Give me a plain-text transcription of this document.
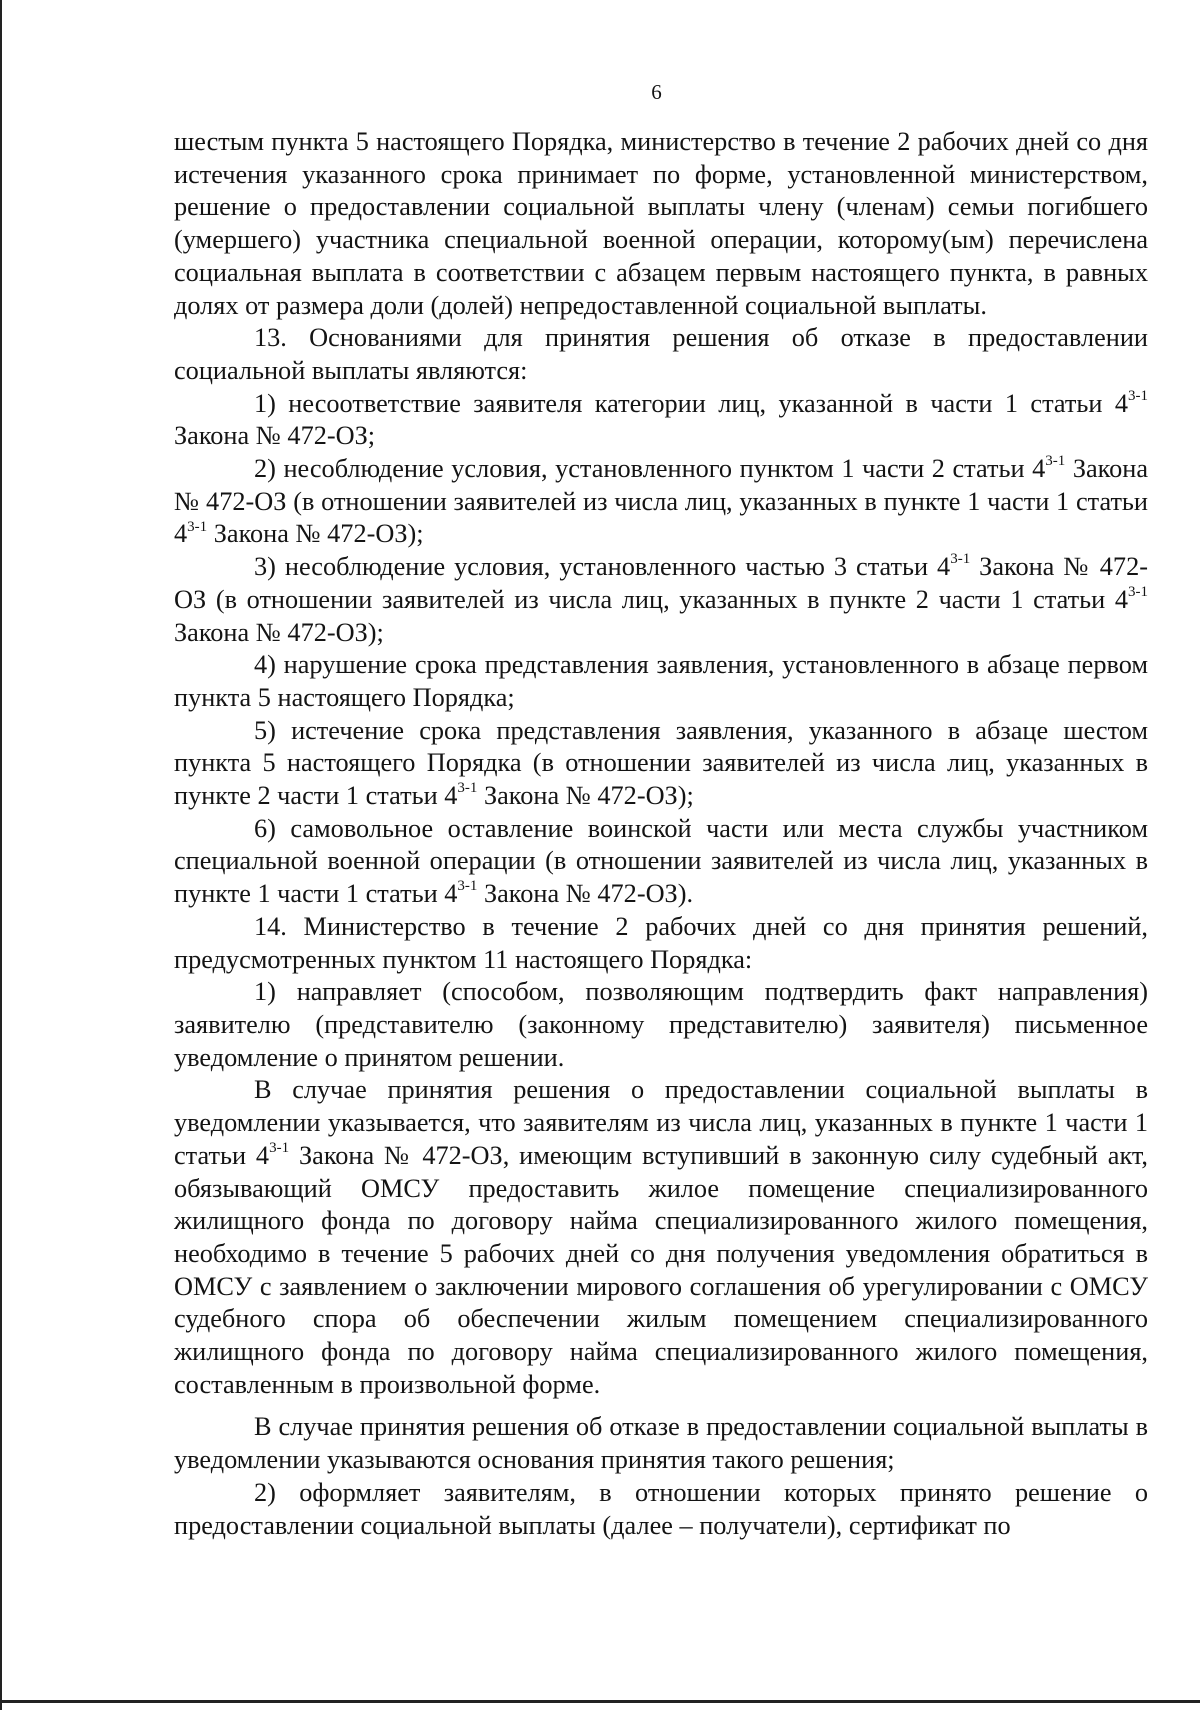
6

шестым пункта 5 настоящего Порядка, министерство в течение 2 рабочих дней со дня истечения указанного срока принимает по форме, установленной министерством, решение о предоставлении социальной выплаты члену (членам) семьи погибшего (умершего) участника специальной военной операции, которому(ым) перечислена социальная выплата в соответствии с абзацем первым настоящего пункта, в равных долях от размера доли (долей) непредоставленной социальной выплаты.

13. Основаниями для принятия решения об отказе в предоставлении социальной выплаты являются:

1) несоответствие заявителя категории лиц, указанной в части 1 статьи 4$^{3-1}$ Закона № 472-ОЗ;

2) несоблюдение условия, установленного пунктом 1 части 2 статьи 4$^{3-1}$ Закона № 472-ОЗ (в отношении заявителей из числа лиц, указанных в пункте 1 части 1 статьи 4$^{3-1}$ Закона № 472-ОЗ);

3) несоблюдение условия, установленного частью 3 статьи 4$^{3-1}$ Закона № 472-ОЗ (в отношении заявителей из числа лиц, указанных в пункте 2 части 1 статьи 4$^{3-1}$ Закона № 472-ОЗ);

4) нарушение срока представления заявления, установленного в абзаце первом пункта 5 настоящего Порядка;

5) истечение срока представления заявления, указанного в абзаце шестом пункта 5 настоящего Порядка (в отношении заявителей из числа лиц, указанных в пункте 2 части 1 статьи 4$^{3-1}$ Закона № 472-ОЗ);

6) самовольное оставление воинской части или места службы участником специальной военной операции (в отношении заявителей из числа лиц, указанных в пункте 1 части 1 статьи 4$^{3-1}$ Закона № 472-ОЗ).

14. Министерство в течение 2 рабочих дней со дня принятия решений, предусмотренных пунктом 11 настоящего Порядка:

1) направляет (способом, позволяющим подтвердить факт направления) заявителю (представителю (законному представителю) заявителя) письменное уведомление о принятом решении.

В случае принятия решения о предоставлении социальной выплаты в уведомлении указывается, что заявителям из числа лиц, указанных в пункте 1 части 1 статьи 4$^{3-1}$ Закона № 472-ОЗ, имеющим вступивший в законную силу судебный акт, обязывающий ОМСУ предоставить жилое помещение специализированного жилищного фонда по договору найма специализированного жилого помещения, необходимо в течение 5 рабочих дней со дня получения уведомления обратиться в ОМСУ с заявлением о заключении мирового соглашения об урегулировании с ОМСУ судебного спора об обеспечении жилым помещением специализированного жилищного фонда по договору найма специализированного жилого помещения, составленным в произвольной форме.

В случае принятия решения об отказе в предоставлении социальной выплаты в уведомлении указываются основания принятия такого решения;

2) оформляет заявителям, в отношении которых принято решение о предоставлении социальной выплаты (далее – получатели), сертификат по
